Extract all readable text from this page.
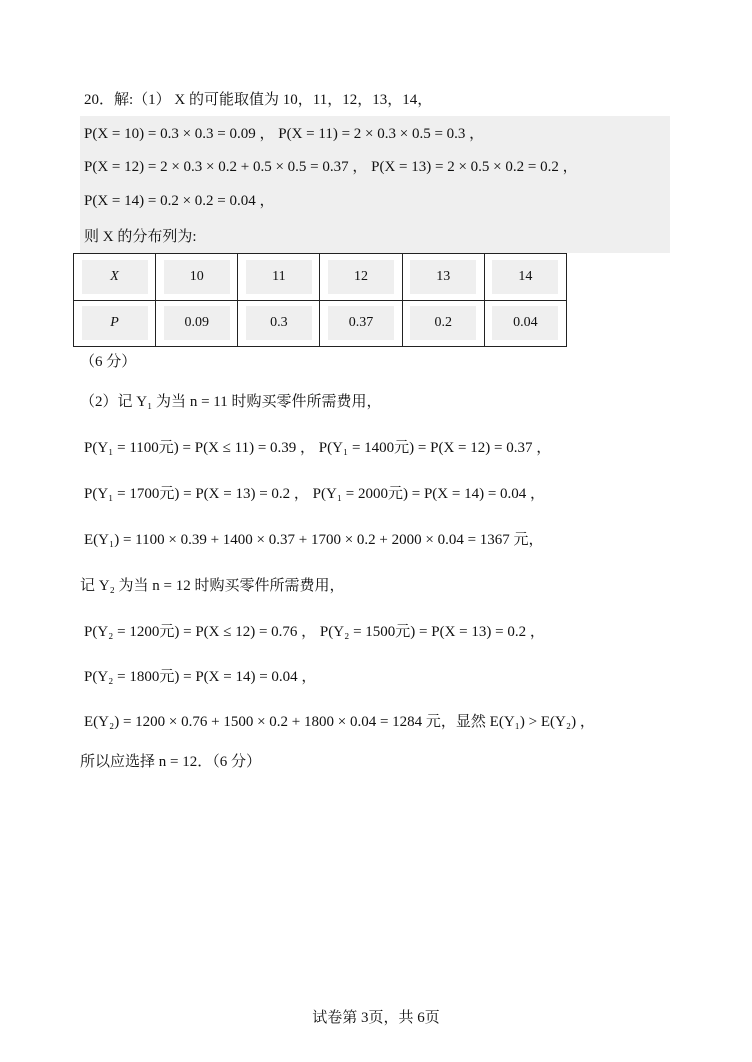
20．解:（1） X 的可能取值为 10，11，12，13，14，
P(X = 10) = 0.3 × 0.3 = 0.09 ， P(X = 11) = 2 × 0.3 × 0.5 = 0.3 ，
P(X = 12) = 2 × 0.3 × 0.2 + 0.5 × 0.5 = 0.37 ， P(X = 13) = 2 × 0.5 × 0.2 = 0.2 ，
P(X = 14) = 0.2 × 0.2 = 0.04 ，
则 X 的分布列为:
X	10	11	12	13	14
P	0.09	0.3	0.37	0.2	0.04
（6 分）
（2）记 Y₁ 为当 n = 11 时购买零件所需费用，
P(Y₁ = 1100元) = P(X ≤ 11) = 0.39 ， P(Y₁ = 1400元) = P(X = 12) = 0.37 ，
P(Y₁ = 1700元) = P(X = 13) = 0.2 ， P(Y₁ = 2000元) = P(X = 14) = 0.04 ，
E(Y₁) = 1100 × 0.39 + 1400 × 0.37 + 1700 × 0.2 + 2000 × 0.04 = 1367 元，
记 Y₂ 为当 n = 12 时购买零件所需费用，
P(Y₂ = 1200元) = P(X ≤ 12) = 0.76 ， P(Y₂ = 1500元) = P(X = 13) = 0.2 ，
P(Y₂ = 1800元) = P(X = 14) = 0.04 ，
E(Y₂) = 1200 × 0.76 + 1500 × 0.2 + 1800 × 0.04 = 1284 元，显然 E(Y₁) > E(Y₂) ，
所以应选择 n = 12．（6 分）
试卷第 3页，共 6页
